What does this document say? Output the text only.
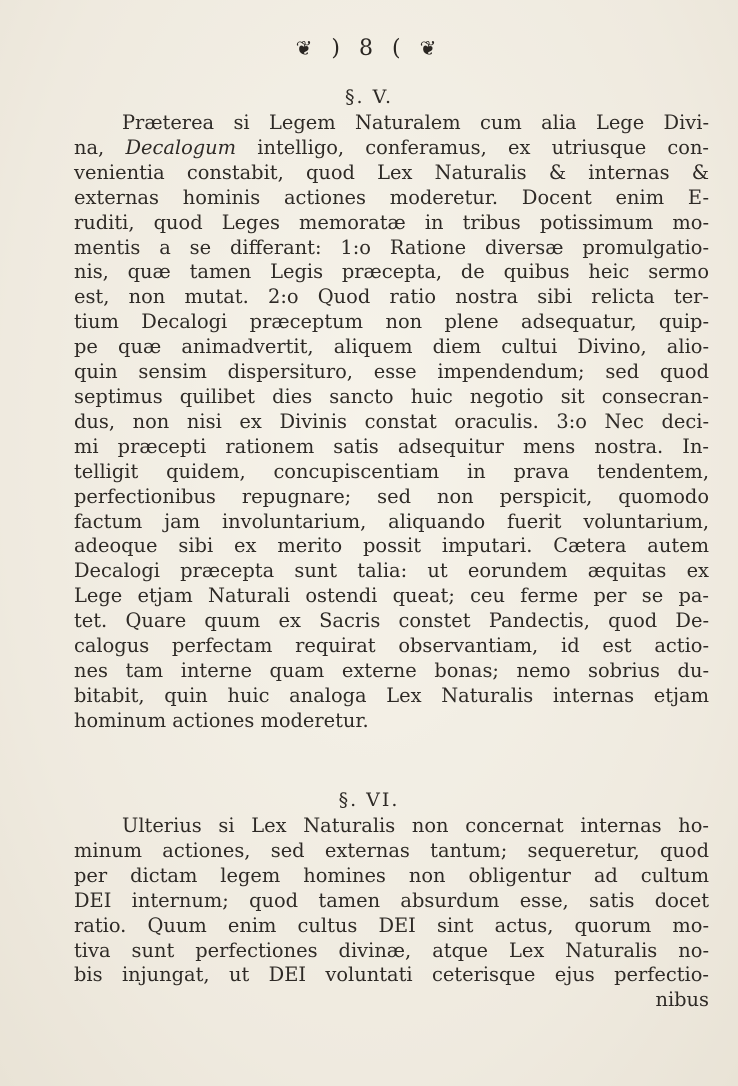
❦ ) 8 ( ❦
§. V.
Præterea si Legem Naturalem cum alia Lege Divi-
na, Decalogum intelligo, conferamus, ex utriusque con-
venientia constabit, quod Lex Naturalis & internas &
externas hominis actiones moderetur. Docent enim E-
ruditi, quod Leges memoratæ in tribus potissimum mo-
mentis a se differant: 1:o Ratione diversæ promulgatio-
nis, quæ tamen Legis præcepta, de quibus heic sermo
est, non mutat. 2:o Quod ratio nostra sibi relicta ter-
tium Decalogi præceptum non plene adsequatur, quip-
pe quæ animadvertit, aliquem diem cultui Divino, alio-
quin sensim dispersituro, esse impendendum; sed quod
septimus quilibet dies sancto huic negotio sit consecran-
dus, non nisi ex Divinis constat oraculis. 3:o Nec deci-
mi præcepti rationem satis adsequitur mens nostra. In-
telligit quidem, concupiscentiam in prava tendentem,
perfectionibus repugnare; sed non perspicit, quomodo
factum jam involuntarium, aliquando fuerit voluntarium,
adeoque sibi ex merito possit imputari. Cætera autem
Decalogi præcepta sunt talia: ut eorundem æquitas ex
Lege etjam Naturali ostendi queat; ceu ferme per se pa-
tet. Quare quum ex Sacris constet Pandectis, quod De-
calogus perfectam requirat observantiam, id est actio-
nes tam interne quam externe bonas; nemo sobrius du-
bitabit, quin huic analoga Lex Naturalis internas etjam
hominum actiones moderetur.
§. VI.
Ulterius si Lex Naturalis non concernat internas ho-
minum actiones, sed externas tantum; sequeretur, quod
per dictam legem homines non obligentur ad cultum
DEI internum; quod tamen absurdum esse, satis docet
ratio. Quum enim cultus DEI sint actus, quorum mo-
tiva sunt perfectiones divinæ, atque Lex Naturalis no-
bis injungat, ut DEI voluntati ceterisque ejus perfectio-
nibus
